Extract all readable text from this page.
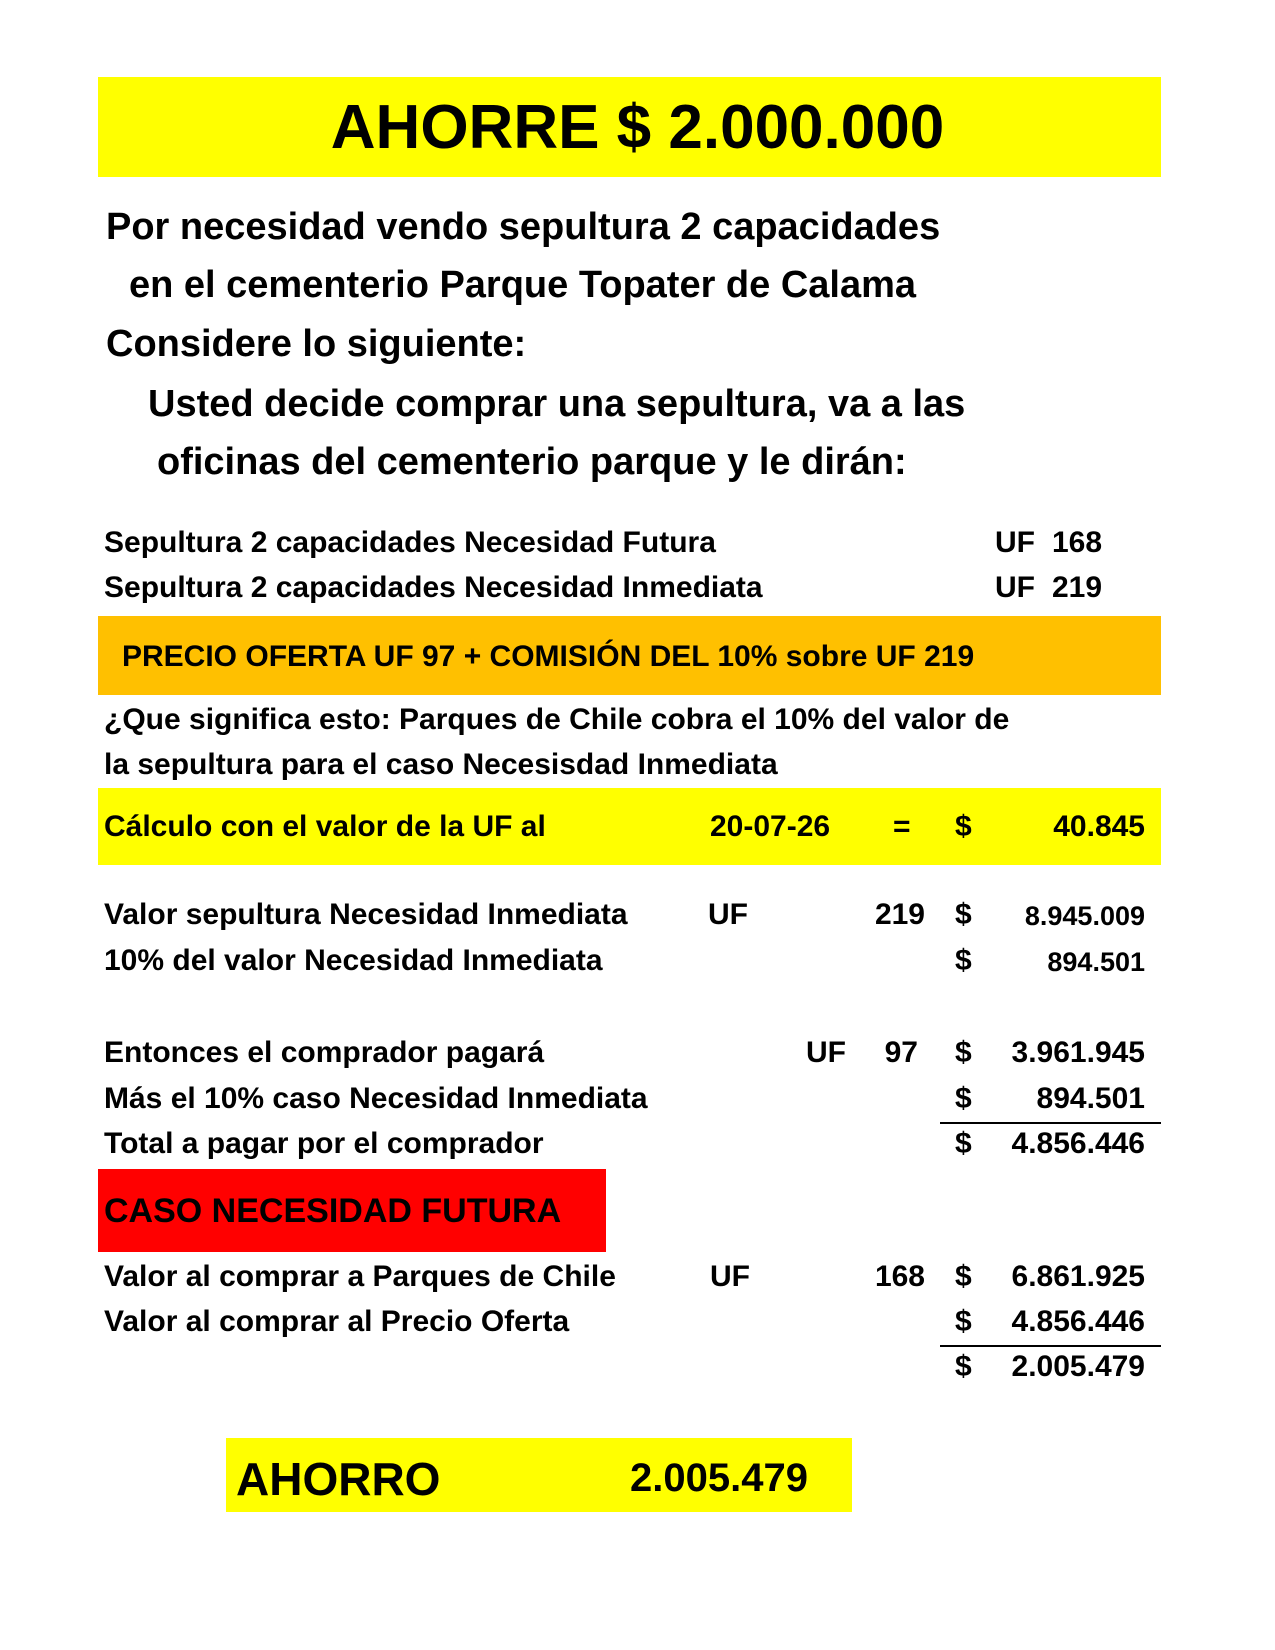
AHORRE $ 2.000.000
Por necesidad vendo sepultura 2 capacidades
en el cementerio Parque Topater de Calama
Considere lo siguiente:
Usted decide comprar una sepultura, va a las
oficinas del cementerio parque y le dirán:
Sepultura 2 capacidades Necesidad Futura	UF 168
Sepultura 2 capacidades Necesidad Inmediata	UF 219
PRECIO OFERTA UF 97 + COMISIÓN DEL 10% sobre UF 219
¿Que significa esto: Parques de Chile cobra el 10% del valor de
la sepultura para el caso Necesisdad Inmediata
Cálculo con el valor de la UF al	20-07-26 = $	40.845
Valor sepultura Necesidad Inmediata	UF	219 $	8.945.009
10% del valor Necesidad Inmediata	$	894.501
Entonces el comprador pagará	UF	97 $	3.961.945
Más el 10% caso Necesidad Inmediata	$	894.501
Total a pagar por el comprador	$	4.856.446
CASO NECESIDAD FUTURA
Valor al comprar a Parques de Chile	UF	168 $	6.861.925
Valor al comprar al Precio Oferta	$	4.856.446
$	2.005.479
AHORRO	2.005.479
